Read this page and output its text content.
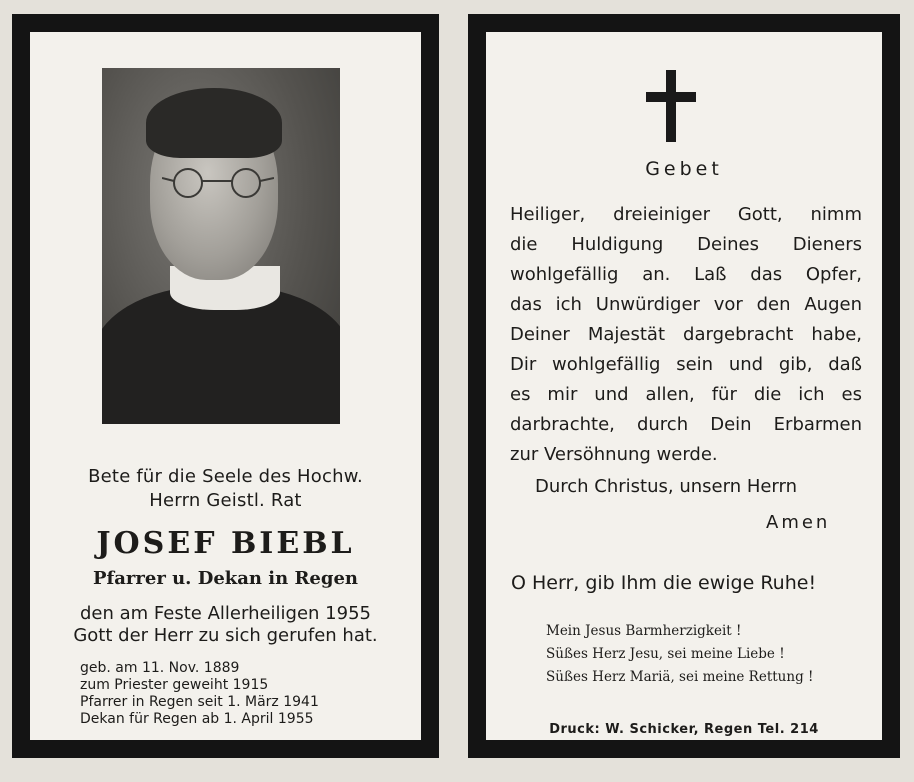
Bete für die Seele des Hochw.
Herrn Geistl. Rat
JOSEF BIEBL
Pfarrer u. Dekan in Regen
den am Feste Allerheiligen 1955
Gott der Herr zu sich gerufen hat.
geb. am 11. Nov. 1889
zum Priester geweiht 1915
Pfarrer in Regen seit 1. März 1941
Dekan für Regen ab 1. April 1955
Gebet
Heiliger, dreieiniger Gott, nimm
die Huldigung Deines Dieners
wohlgefällig an. Laß das Opfer,
das ich Unwürdiger vor den Augen
Deiner Majestät dargebracht habe,
Dir wohlgefällig sein und gib, daß
es mir und allen, für die ich es
darbrachte, durch Dein Erbarmen
zur Versöhnung werde.
Durch Christus, unsern Herrn
Amen
O Herr, gib Ihm die ewige Ruhe!
Mein Jesus Barmherzigkeit !
Süßes Herz Jesu, sei meine Liebe !
Süßes Herz Mariä, sei meine Rettung !
Druck: W. Schicker, Regen Tel. 214
